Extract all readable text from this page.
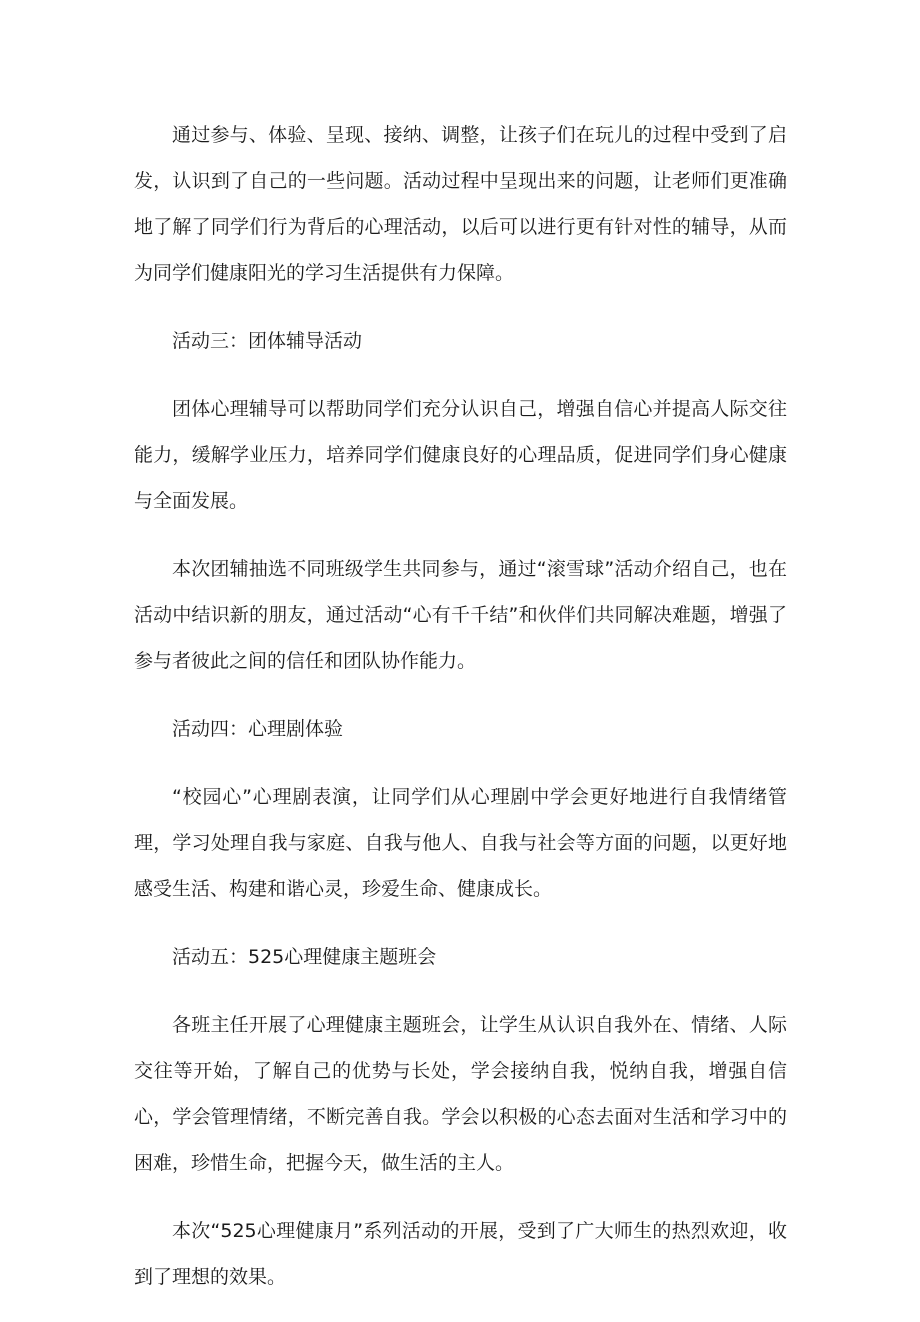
通过参与、体验、呈现、接纳、调整，让孩子们在玩儿的过程中受到了启发，认识到了自己的一些问题。活动过程中呈现出来的问题，让老师们更准确地了解了同学们行为背后的心理活动，以后可以进行更有针对性的辅导，从而为同学们健康阳光的学习生活提供有力保障。

活动三：团体辅导活动

团体心理辅导可以帮助同学们充分认识自己，增强自信心并提高人际交往能力，缓解学业压力，培养同学们健康良好的心理品质，促进同学们身心健康与全面发展。

本次团辅抽选不同班级学生共同参与，通过“滚雪球”活动介绍自己，也在活动中结识新的朋友，通过活动“心有千千结”和伙伴们共同解决难题，增强了参与者彼此之间的信任和团队协作能力。

活动四：心理剧体验

“校园心”心理剧表演，让同学们从心理剧中学会更好地进行自我情绪管理，学习处理自我与家庭、自我与他人、自我与社会等方面的问题，以更好地感受生活、构建和谐心灵，珍爱生命、健康成长。

活动五：525心理健康主题班会

各班主任开展了心理健康主题班会，让学生从认识自我外在、情绪、人际交往等开始，了解自己的优势与长处，学会接纳自我，悦纳自我，增强自信心，学会管理情绪，不断完善自我。学会以积极的心态去面对生活和学习中的困难，珍惜生命，把握今天，做生活的主人。

本次“525心理健康月”系列活动的开展，受到了广大师生的热烈欢迎，收到了理想的效果。
